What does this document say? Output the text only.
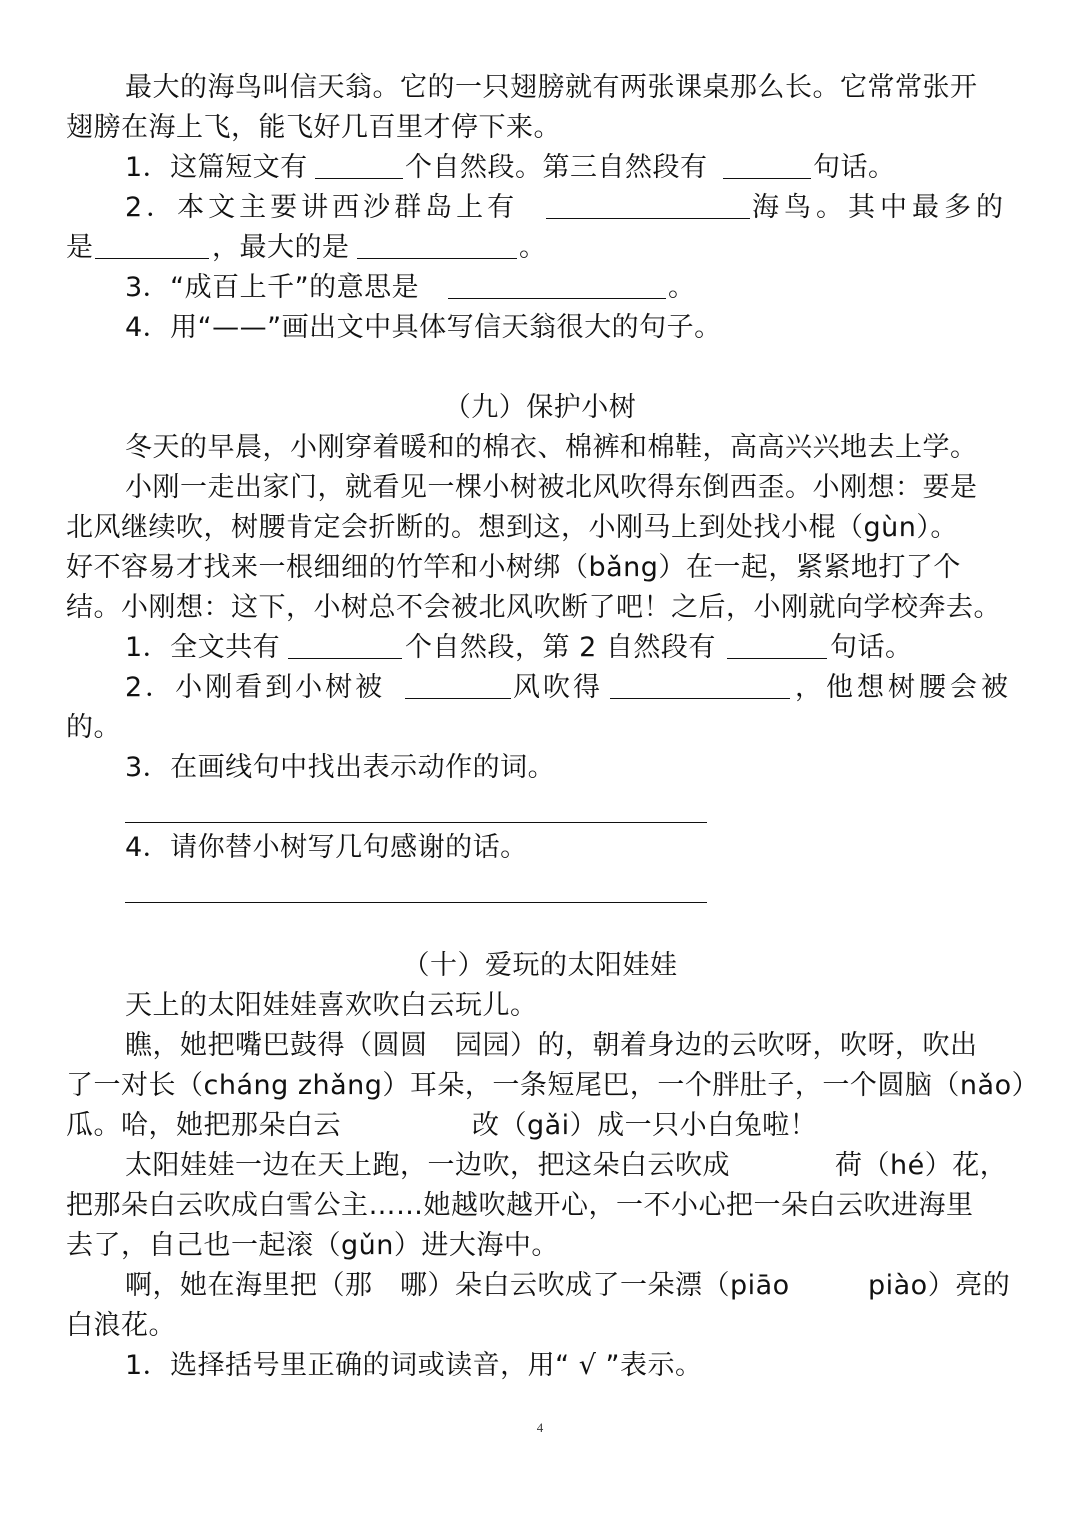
最大的海鸟叫信天翁。它的一只翅膀就有两张课桌那么长。它常常张开
翅膀在海上飞，能飞好几百里才停下来。
1．这篇短文有	个自然段。第三自然段有	句话。
2．本文主要讲西沙群岛上有	海鸟。其中最多的
是	，最大的是	。
3．“成百上千”的意思是	。
4．用“——”画出文中具体写信天翁很大的句子。
（九）保护小树
冬天的早晨，小刚穿着暖和的棉衣、棉裤和棉鞋，高高兴兴地去上学。
小刚一走出家门，就看见一棵小树被北风吹得东倒西歪。小刚想：要是
北风继续吹，树腰肯定会折断的。想到这，小刚马上到处找小棍（gùn）。
好不容易才找来一根细细的竹竿和小树绑（bǎng）在一起，紧紧地打了个
结。小刚想：这下，小树总不会被北风吹断了吧！之后，小刚就向学校奔去。
1．全文共有	个自然段，第 2 自然段有	句话。
2．小刚看到小树被	风吹得	，他想树腰会被
的。
3．在画线句中找出表示动作的词。
4．请你替小树写几句感谢的话。
（十）爱玩的太阳娃娃
天上的太阳娃娃喜欢吹白云玩儿。
瞧，她把嘴巴鼓得（圆圆　园园）的，朝着身边的云吹呀，吹呀，吹出
了一对长（cháng zhǎng）耳朵，一条短尾巴，一个胖肚子，一个圆脑（nǎo）
瓜。哈，她把那朵白云	改（gǎi）成一只小白兔啦！
太阳娃娃一边在天上跑，一边吹，把这朵白云吹成	荷（hé）花，
把那朵白云吹成白雪公主……她越吹越开心，一不小心把一朵白云吹进海里
去了，自己也一起滚（gǔn）进大海中。
啊，她在海里把（那　哪）朵白云吹成了一朵漂（piāo	piào）亮的
白浪花。
1．选择括号里正确的词或读音，用“ √ ”表示。
4
